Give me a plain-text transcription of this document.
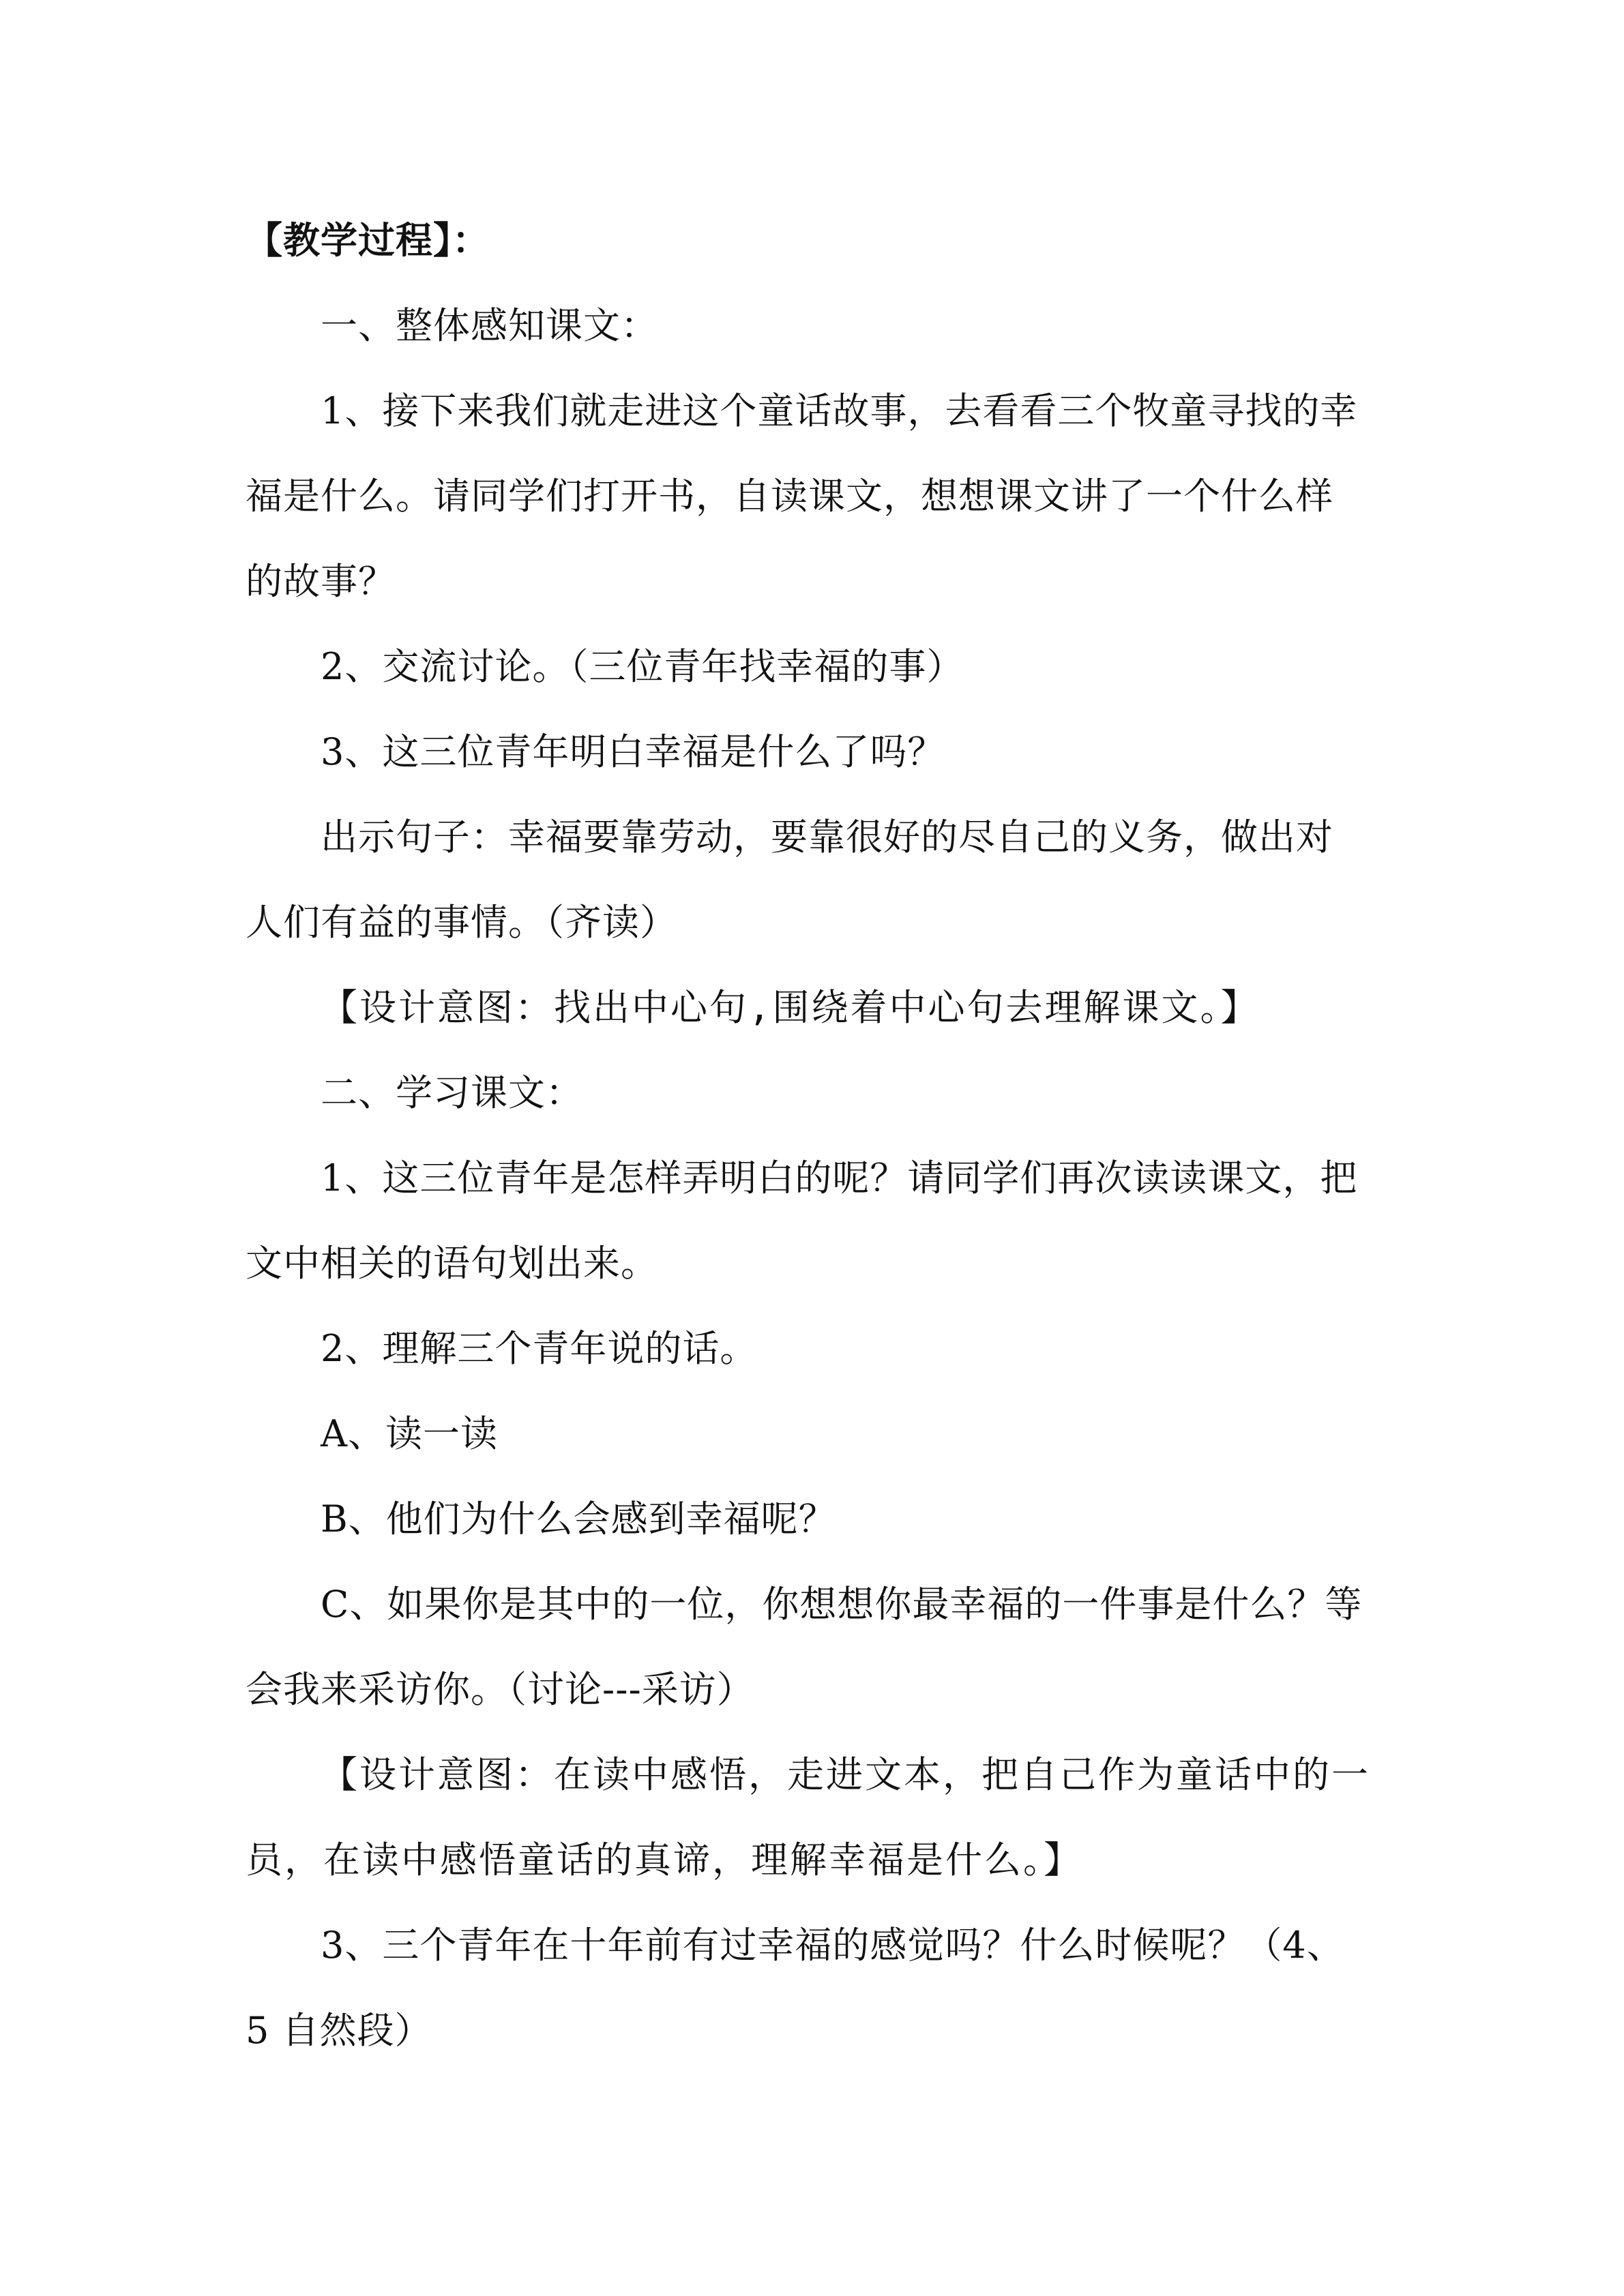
【教学过程】：
一、整体感知课文：
1、接下来我们就走进这个童话故事，去看看三个牧童寻找的幸
福是什么。请同学们打开书，自读课文，想想课文讲了一个什么样
的故事？
2、交流讨论。（三位青年找幸福的事）
3、这三位青年明白幸福是什么了吗？
出示句子：幸福要靠劳动，要靠很好的尽自己的义务，做出对
人们有益的事情。（齐读）
【设计意图：找出中心句,围绕着中心句去理解课文。】
二、学习课文：
1、这三位青年是怎样弄明白的呢？请同学们再次读读课文，把
文中相关的语句划出来。
2、理解三个青年说的话。
A、读一读
B、他们为什么会感到幸福呢？
C、如果你是其中的一位，你想想你最幸福的一件事是什么？等
会我来采访你。（讨论---采访）
【设计意图：在读中感悟，走进文本，把自己作为童话中的一
员，在读中感悟童话的真谛，理解幸福是什么。】
3、三个青年在十年前有过幸福的感觉吗？什么时候呢？（4、
5 自然段）
